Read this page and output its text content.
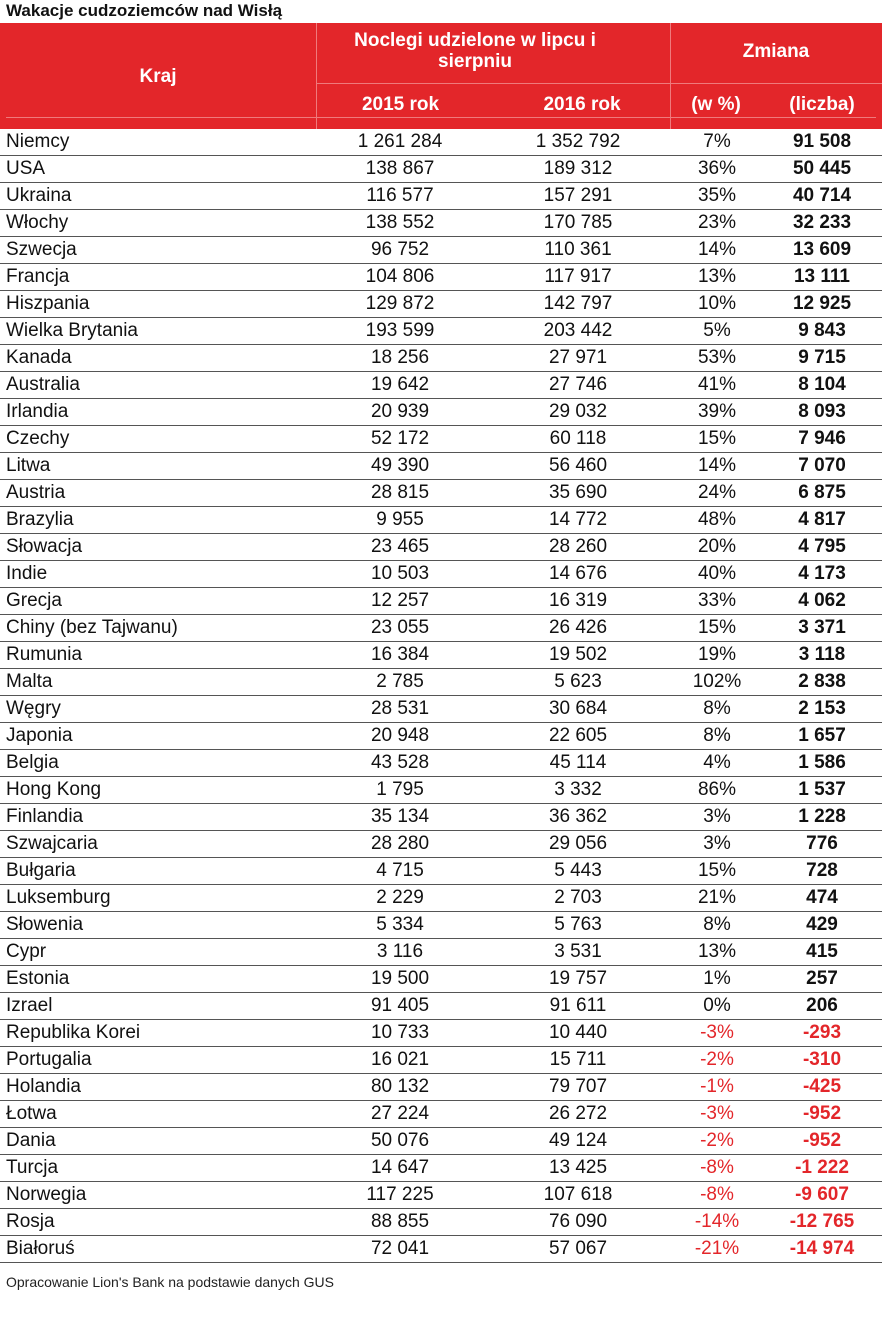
Wakacje cudzoziemców nad Wisłą
Kraj
Noclegi udzielone w lipcu i sierpniu	Zmiana
2015 rok	2016 rok	(w %)	(liczba)
Niemcy	1 261 284	1 352 792	7%	91 508
USA	138 867	189 312	36%	50 445
Ukraina	116 577	157 291	35%	40 714
Włochy	138 552	170 785	23%	32 233
Szwecja	96 752	110 361	14%	13 609
Francja	104 806	117 917	13%	13 111
Hiszpania	129 872	142 797	10%	12 925
Wielka Brytania	193 599	203 442	5%	9 843
Kanada	18 256	27 971	53%	9 715
Australia	19 642	27 746	41%	8 104
Irlandia	20 939	29 032	39%	8 093
Czechy	52 172	60 118	15%	7 946
Litwa	49 390	56 460	14%	7 070
Austria	28 815	35 690	24%	6 875
Brazylia	9 955	14 772	48%	4 817
Słowacja	23 465	28 260	20%	4 795
Indie	10 503	14 676	40%	4 173
Grecja	12 257	16 319	33%	4 062
Chiny (bez Tajwanu)	23 055	26 426	15%	3 371
Rumunia	16 384	19 502	19%	3 118
Malta	2 785	5 623	102%	2 838
Węgry	28 531	30 684	8%	2 153
Japonia	20 948	22 605	8%	1 657
Belgia	43 528	45 114	4%	1 586
Hong Kong	1 795	3 332	86%	1 537
Finlandia	35 134	36 362	3%	1 228
Szwajcaria	28 280	29 056	3%	776
Bułgaria	4 715	5 443	15%	728
Luksemburg	2 229	2 703	21%	474
Słowenia	5 334	5 763	8%	429
Cypr	3 116	3 531	13%	415
Estonia	19 500	19 757	1%	257
Izrael	91 405	91 611	0%	206
Republika Korei	10 733	10 440	-3%	-293
Portugalia	16 021	15 711	-2%	-310
Holandia	80 132	79 707	-1%	-425
Łotwa	27 224	26 272	-3%	-952
Dania	50 076	49 124	-2%	-952
Turcja	14 647	13 425	-8%	-1 222
Norwegia	117 225	107 618	-8%	-9 607
Rosja	88 855	76 090	-14%	-12 765
Białoruś	72 041	57 067	-21%	-14 974
Opracowanie Lion's Bank na podstawie danych GUS
